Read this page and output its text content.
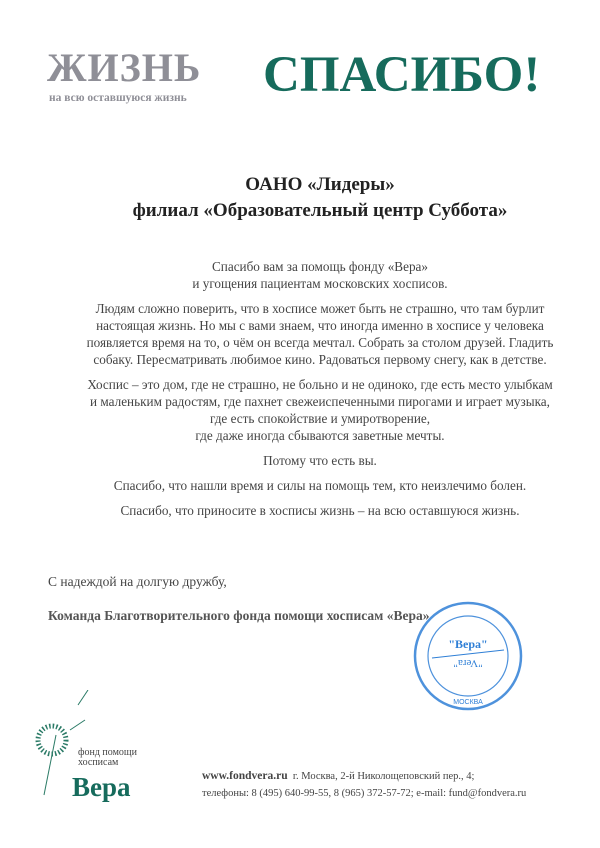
ЖИЗНЬ
на всю оставшуюся жизнь СПАСИБО!
ОАНО «Лидеры»
филиал «Образовательный центр Суббота»

Спасибо вам за помощь фонду «Вера»
и угощения пациентам московских хосписов.

Людям сложно поверить, что в хосписе может быть не страшно, что там бурлит
настоящая жизнь. Но мы с вами знаем, что иногда именно в хосписе у человека
появляется время на то, о чём он всегда мечтал. Собрать за столом друзей. Гладить
собаку. Пересматривать любимое кино. Радоваться первому снегу, как в детстве.

Хоспис – это дом, где не страшно, не больно и не одиноко, где есть место улыбкам
и маленьким радостям, где пахнет свежеиспеченными пирогами и играет музыка,
где есть спокойствие и умиротворение,
где даже иногда сбываются заветные мечты.

Потому что есть вы.

Спасибо, что нашли время и силы на помощь тем, кто неизлечимо болен.

Спасибо, что приносите в хосписы жизнь – на всю оставшуюся жизнь.

С надеждой на долгую дружбу,
Команда Благотворительного фонда помощи хосписам «Вера»
"Вера"
"Vera"
МОСКВА
фонд помощи
хосписам
Вера	www.fondvera.ru г. Москва, 2-й Николощеповский пер., 4;
телефоны: 8 (495) 640-99-55, 8 (965) 372-57-72; e-mail: fund@fondvera.ru
